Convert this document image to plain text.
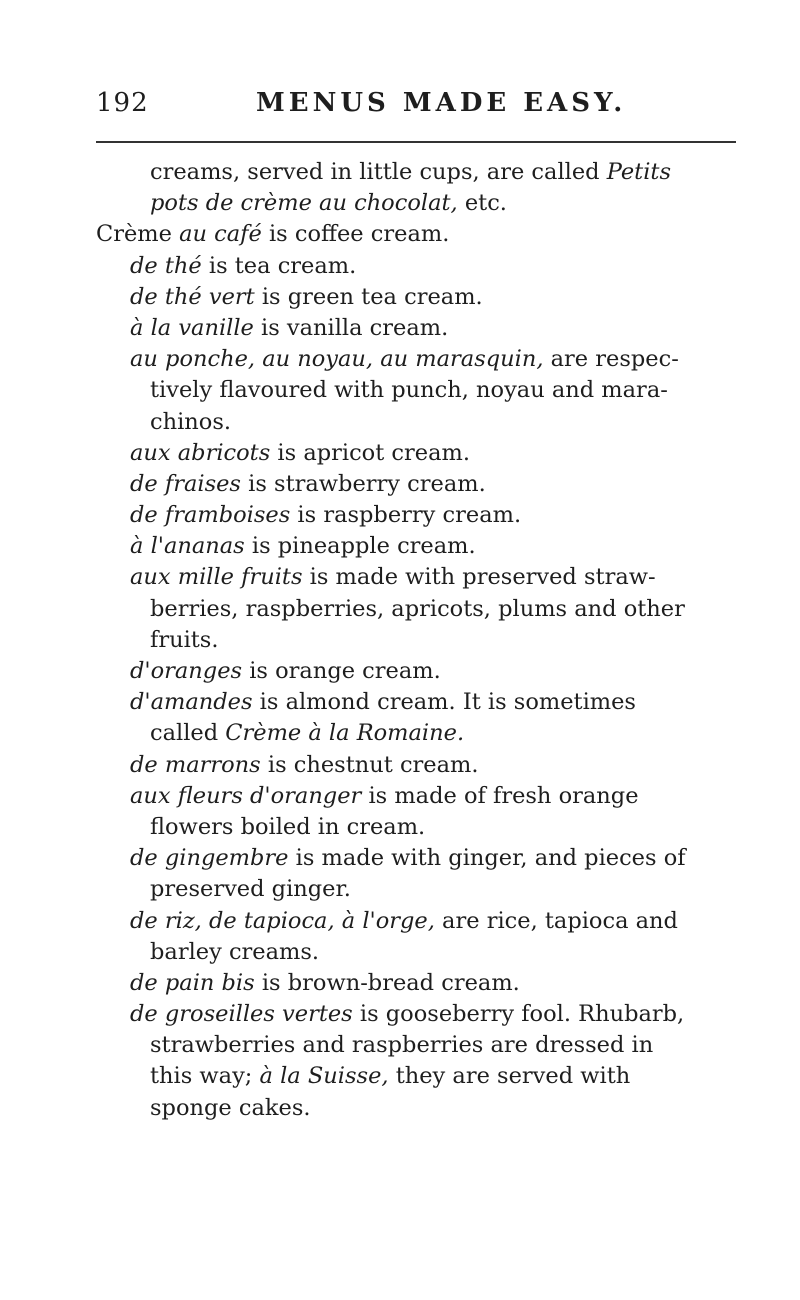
192	MENUS MADE EASY.
creams, served in little cups, are called Petits
pots de crème au chocolat, etc.
Crème au café is coffee cream.
de thé is tea cream.
de thé vert is green tea cream.
à la vanille is vanilla cream.
au ponche, au noyau, au marasquin, are respec-
tively flavoured with punch, noyau and mara-
chinos.
aux abricots is apricot cream.
de fraises is strawberry cream.
de framboises is raspberry cream.
à l'ananas is pineapple cream.
aux mille fruits is made with preserved straw-
berries, raspberries, apricots, plums and other
fruits.
d'oranges is orange cream.
d'amandes is almond cream. It is sometimes
called Crème à la Romaine.
de marrons is chestnut cream.
aux fleurs d'oranger is made of fresh orange
flowers boiled in cream.
de gingembre is made with ginger, and pieces of
preserved ginger.
de riz, de tapioca, à l'orge, are rice, tapioca and
barley creams.
de pain bis is brown-bread cream.
de groseilles vertes is gooseberry fool. Rhubarb,
strawberries and raspberries are dressed in
this way; à la Suisse, they are served with
sponge cakes.
